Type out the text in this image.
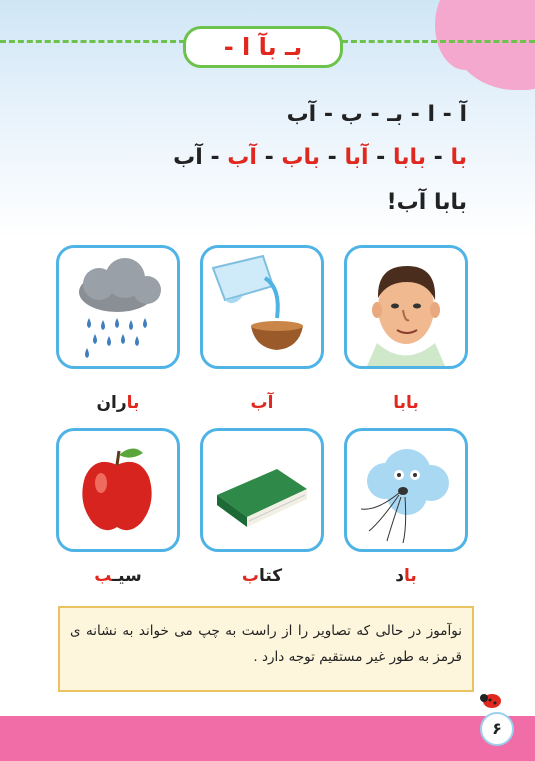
بـ بآ ا -
آ - ا - بـ - ب - آب
با - بابا - آبا - باب - آب - آب
بابا آب!
بابا
آب
باران
باد
کتاب
سیـب
نوآموز در حالی که تصاویر را از راست به چپ می خواند به نشانه ی قرمز به طور غیر مستقیم توجه دارد .
۶
